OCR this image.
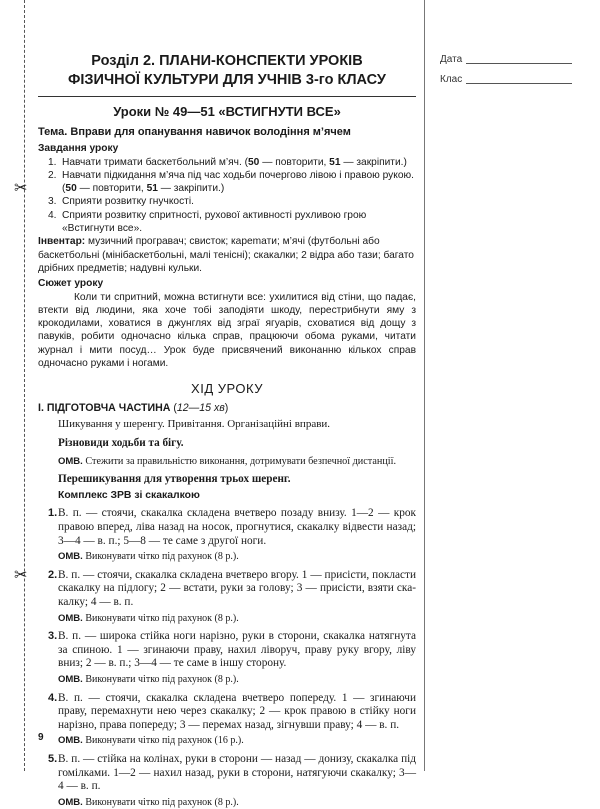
✂
✂
Дата
Клас
Розділ 2. ПЛАНИ-КОНСПЕКТИ УРОКІВ
ФІЗИЧНОЇ КУЛЬТУРИ ДЛЯ УЧНІВ 3-го КЛАСУ
Уроки № 49—51 «ВСТИГНУТИ ВСЕ»
Тема. Вправи для опанування навичок володіння м’ячем
Завдання уроку
1. Навчати тримати баскетбольний м’яч. (50 — повторити, 51 — закріпити.)
2. Навчати підкидання м’яча під час ходьби почергово лівою і правою рукою. (50 — повторити, 51 — закріпити.)
3. Сприяти розвитку гнучкості.
4. Сприяти розвитку спритності, рухової активності рухливою грою «Встигнути все».
Інвентар: музичний програвач; свисток; карemати; м’ячі (футбольні або баскетбольні (мінібаскетбольні, малі тенісні); скакалки; 2 відра або тази; багато дрібних предметів; надувні кульки.
Сюжет уроку
Коли ти спритний, можна встигнути все: ухилитися від стіни, що падає, втекти від людини, яка хоче тобі заподіяти шкоду, перестрибнути яму з крокодилами, ховатися в джунглях від зграї ягуарів, сховатися від дощу з павуків, робити одночасно кілька справ, працюючи обома руками, читати журнал і мити посуд… Урок буде присвячений виконанню кількох справ одночасно руками і ногами.
ХІД УРОКУ
І. ПІДГОТОВЧА ЧАСТИНА (12—15 хв)
Шикування у шеренгу. Привітання. Організаційні вправи.
Різновиди ходьби та бігу.
ОМВ. Стежити за правильністю виконання, дотримувати безпечної дистанції.
Перешикування для утворення трьох шеренг.
Комплекс ЗРВ зі скакалкою
1. В. п. — стоячи, скакалка складена вчетверо позаду внизу. 1—2 — крок правою вперед, ліва назад на носок, прогнутися, скакалку відвести назад; 3—4 — в. п.; 5—8 — те саме з другої ноги.
ОМВ. Виконувати чітко під рахунок (8 р.).
2. В. п. — стоячи, скакалка складена вчетверо вгору. 1 — присісти, покласти скакалку на підлогу; 2 — встати, руки за голову; 3 — присісти, взяти скакалку; 4 — в. п.
ОМВ. Виконувати чітко під рахунок (8 р.).
3. В. п. — широка стійка ноги нарізно, руки в сторони, скакалка натягнута за спиною. 1 — згинаючи праву, нахил ліворуч, праву руку вгору, ліву вниз; 2 — в. п.; 3—4 — те саме в іншу сторону.
ОМВ. Виконувати чітко під рахунок (8 р.).
4. В. п. — стоячи, скакалка складена вчетверо попереду. 1 — згинаючи праву, перемахнути нею через скакалку; 2 — крок правою в стійку ноги нарізно, права попереду; 3 — перемах назад, зігнувши праву; 4 — в. п.
ОМВ. Виконувати чітко під рахунок (16 р.).
5. В. п. — стійка на колінах, руки в сторони — назад — донизу, скакалка під гомілками. 1—2 — нахил назад, руки в сторони, натягуючи скакалку; 3—4 — в. п.
ОМВ. Виконувати чітко під рахунок (8 р.).
9
